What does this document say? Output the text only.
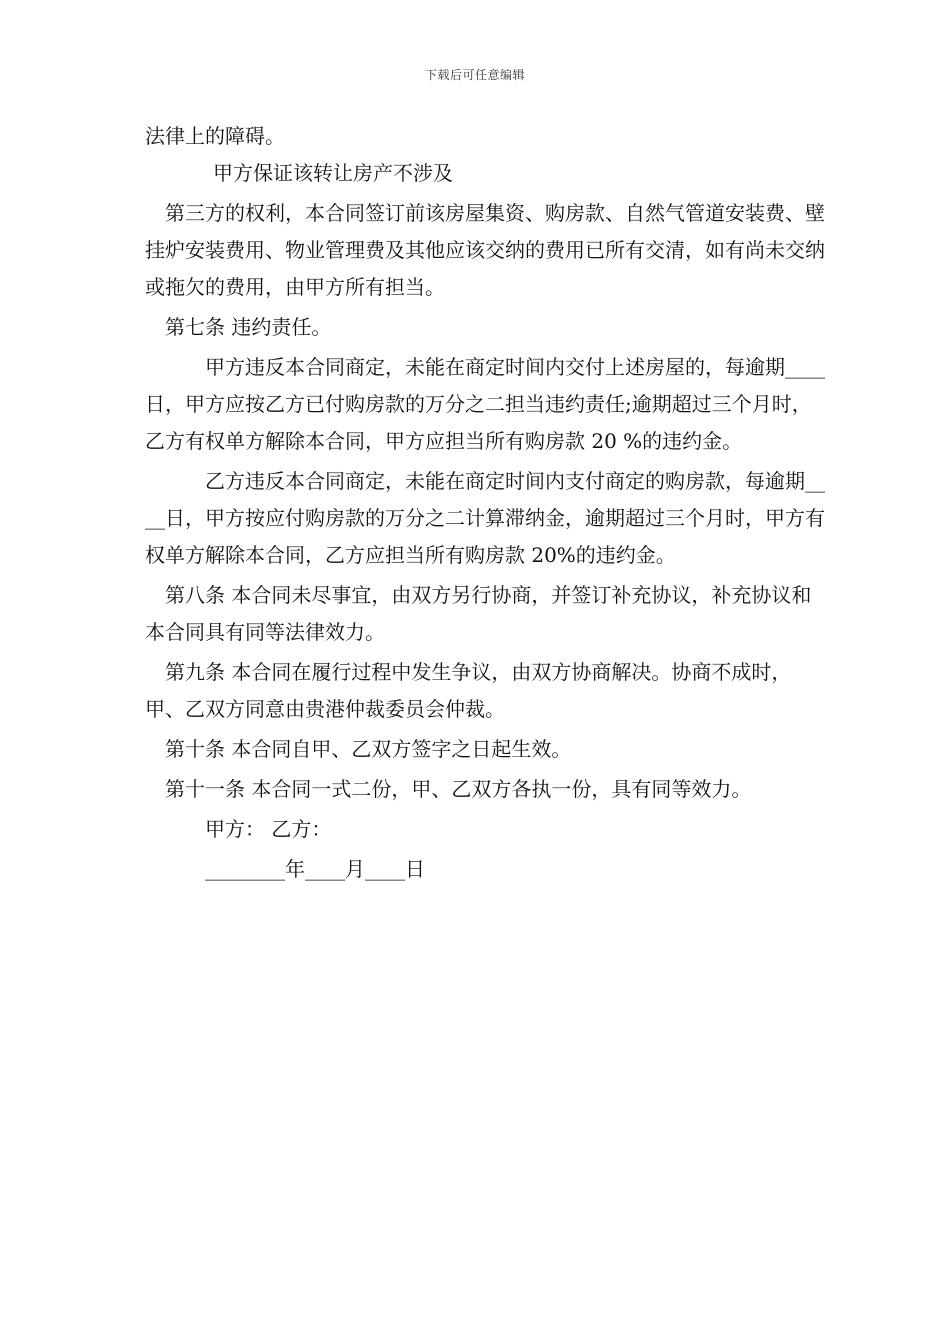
下载后可任意编辑

法律上的障碍。

甲方保证该转让房产不涉及

第三方的权利，本合同签订前该房屋集资、购房款、自然气管道安装费、壁挂炉安装费用、物业管理费及其他应该交纳的费用已所有交清，如有尚未交纳或拖欠的费用，由甲方所有担当。

第七条 违约责任。

甲方违反本合同商定，未能在商定时间内交付上述房屋的，每逾期____日，甲方应按乙方已付购房款的万分之二担当违约责任;逾期超过三个月时，乙方有权单方解除本合同，甲方应担当所有购房款 20 %的违约金。

乙方违反本合同商定，未能在商定时间内支付商定的购房款，每逾期____日，甲方按应付购房款的万分之二计算滞纳金，逾期超过三个月时，甲方有权单方解除本合同，乙方应担当所有购房款 20%的违约金。

第八条 本合同未尽事宜，由双方另行协商，并签订补充协议，补充协议和本合同具有同等法律效力。

第九条 本合同在履行过程中发生争议，由双方协商解决。协商不成时，甲、乙双方同意由贵港仲裁委员会仲裁。

第十条 本合同自甲、乙双方签字之日起生效。

第十一条 本合同一式二份，甲、乙双方各执一份，具有同等效力。

甲方： 乙方：

________年____月____日
